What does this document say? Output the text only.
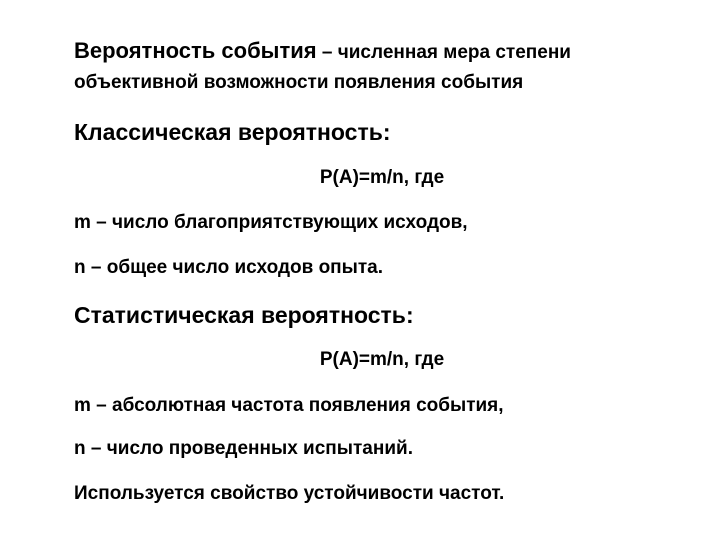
Вероятность события – численная мера степени
объективной возможности появления события
Классическая вероятность:
P(A)=m/n, где
m – число благоприятствующих исходов,
n – общее число исходов опыта.
Статистическая вероятность:
P(A)=m/n, где
m – абсолютная частота появления события,
n – число проведенных испытаний.
Используется свойство устойчивости частот.
